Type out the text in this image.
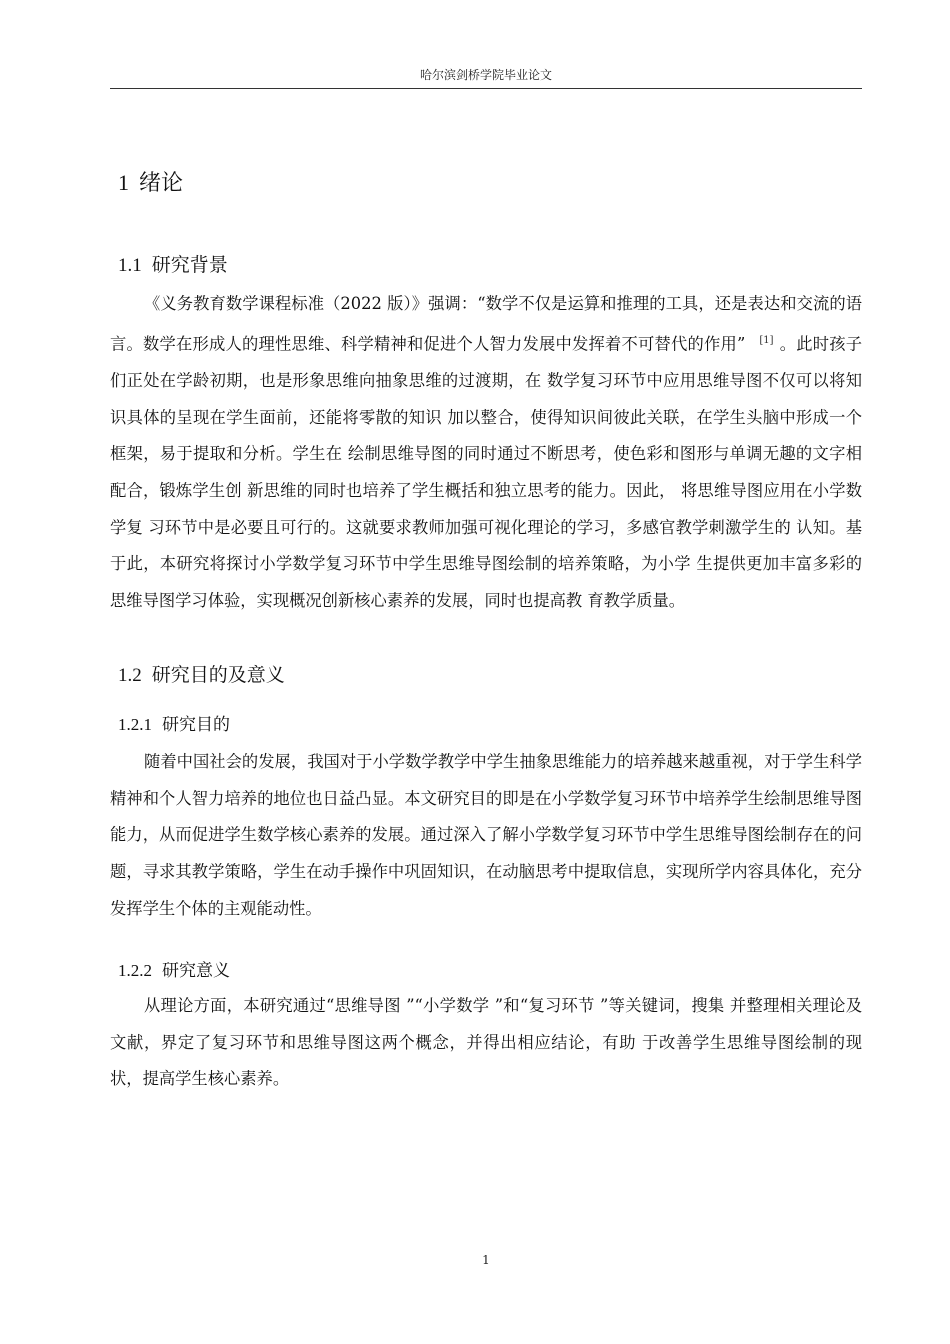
哈尔滨剑桥学院毕业论文
1 绪论
1.1 研究背景

《义务教育数学课程标准（2022 版）》强调：“数学不仅是运算和推理的工具，还是表达和交流的语言。数学在形成人的理性思维、科学精神和促进个人智力发展中发挥着不可替代的作用” [1] 。此时孩子们正处在学龄初期，也是形象思维向抽象思维的过渡期，在 数学复习环节中应用思维导图不仅可以将知识具体的呈现在学生面前，还能将零散的知识 加以整合，使得知识间彼此关联，在学生头脑中形成一个框架，易于提取和分析。学生在 绘制思维导图的同时通过不断思考，使色彩和图形与单调无趣的文字相配合，锻炼学生创 新思维的同时也培养了学生概括和独立思考的能力。因此， 将思维导图应用在小学数学复 习环节中是必要且可行的。这就要求教师加强可视化理论的学习，多感官教学刺激学生的 认知。基于此，本研究将探讨小学数学复习环节中学生思维导图绘制的培养策略，为小学 生提供更加丰富多彩的思维导图学习体验，实现概况创新核心素养的发展，同时也提高教 育教学质量。

1.2 研究目的及意义
1.2.1 研究目的

随着中国社会的发展，我国对于小学数学教学中学生抽象思维能力的培养越来越重视，对于学生科学精神和个人智力培养的地位也日益凸显。本文研究目的即是在小学数学复习环节中培养学生绘制思维导图能力，从而促进学生数学核心素养的发展。通过深入了解小学数学复习环节中学生思维导图绘制存在的问题，寻求其教学策略，学生在动手操作中巩固知识，在动脑思考中提取信息，实现所学内容具体化，充分发挥学生个体的主观能动性。

1.2.2 研究意义

从理论方面，本研究通过“思维导图 ”“小学数学 ”和“复习环节 ”等关键词，搜集 并整理相关理论及文献，界定了复习环节和思维导图这两个概念，并得出相应结论，有助 于改善学生思维导图绘制的现状，提高学生核心素养。

1
